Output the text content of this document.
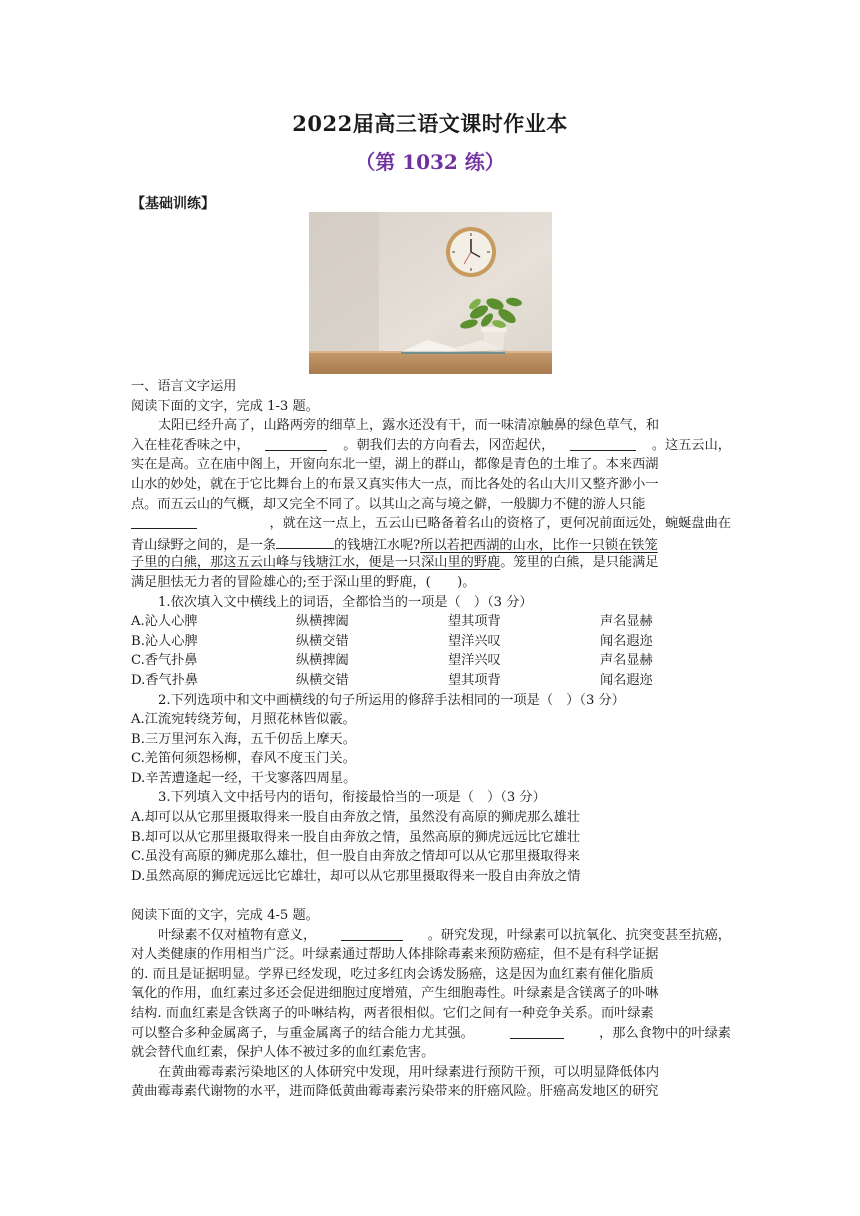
2022届高三语文课时作业本
（第 1032 练）
【基础训练】
一、语言文字运用
阅读下面的文字，完成 1-3 题。
太阳已经升高了，山路两旁的细草上，露水还没有干，而一味清凉触鼻的绿色草气，和
入在桂花香味之中，	。朝我们去的方向看去，冈峦起伏，	。这五云山，
实在是高。立在庙中阁上，开窗向东北一望，湖上的群山，都像是青色的土堆了。本来西湖
山水的妙处，就在于它比舞台上的布景又真实伟大一点，而比各处的名山大川又整齐渺小一
点。而五云山的气概，却又完全不同了。以其山之高与境之僻，一般脚力不健的游人只能
，就在这一点上，五云山已略备着名山的资格了，更何况前面远处，蜿蜒盘曲在
青山绿野之间的，是一条	的钱塘江水呢?所以若把西湖的山水，比作一只锁在铁笼
子里的白熊，那这五云山峰与钱塘江水，便是一只深山里的野鹿。笼里的白熊，是只能满足
满足胆怯无力者的冒险雄心的;至于深山里的野鹿，(　　)。
1.依次填入文中横线上的词语，全都恰当的一项是（　）（3 分）
A.沁人心脾	纵横捭阖	望其项背	声名显赫
B.沁人心脾	纵横交错	望洋兴叹	闻名遐迩
C.香气扑鼻	纵横捭阖	望洋兴叹	声名显赫
D.香气扑鼻	纵横交错	望其项背	闻名遐迩
2.下列选项中和文中画横线的句子所运用的修辞手法相同的一项是（　）（3 分）
A.江流宛转绕芳甸，月照花林皆似霰。
B.三万里河东入海，五千仞岳上摩天。
C.羌笛何须怨杨柳，春风不度玉门关。
D.辛苦遭逢起一经，干戈寥落四周星。
3.下列填入文中括号内的语句，衔接最恰当的一项是（　）（3 分）
A.却可以从它那里摄取得来一股自由奔放之情，虽然没有高原的狮虎那么雄壮
B.却可以从它那里摄取得来一股自由奔放之情，虽然高原的狮虎远远比它雄壮
C.虽没有高原的狮虎那么雄壮，但一股自由奔放之情却可以从它那里摄取得来
D.虽然高原的狮虎远远比它雄壮，却可以从它那里摄取得来一股自由奔放之情
阅读下面的文字，完成 4-5 题。
叶绿素不仅对植物有意义，	。研究发现，叶绿素可以抗氧化、抗突变甚至抗癌，
对人类健康的作用相当广泛。叶绿素通过帮助人体排除毒素来预防癌症，但不是有科学证据
的. 而且是证据明显。学界已经发现，吃过多红肉会诱发肠癌，这是因为血红素有催化脂质
氧化的作用，血红素过多还会促进细胞过度增殖，产生细胞毒性。叶绿素是含镁离子的卟啉
结构. 而血红素是含铁离子的卟啉结构，两者很相似。它们之间有一种竞争关系。而叶绿素
可以整合多种金属离子，与重金属离子的结合能力尤其强。	，那么食物中的叶绿素
就会替代血红素，保护人体不被过多的血红素危害。
在黄曲霉毒素污染地区的人体研究中发现，用叶绿素进行预防干预，可以明显降低体内
黄曲霉毒素代谢物的水平，进而降低黄曲霉毒素污染带来的肝癌风险。肝癌高发地区的研究
